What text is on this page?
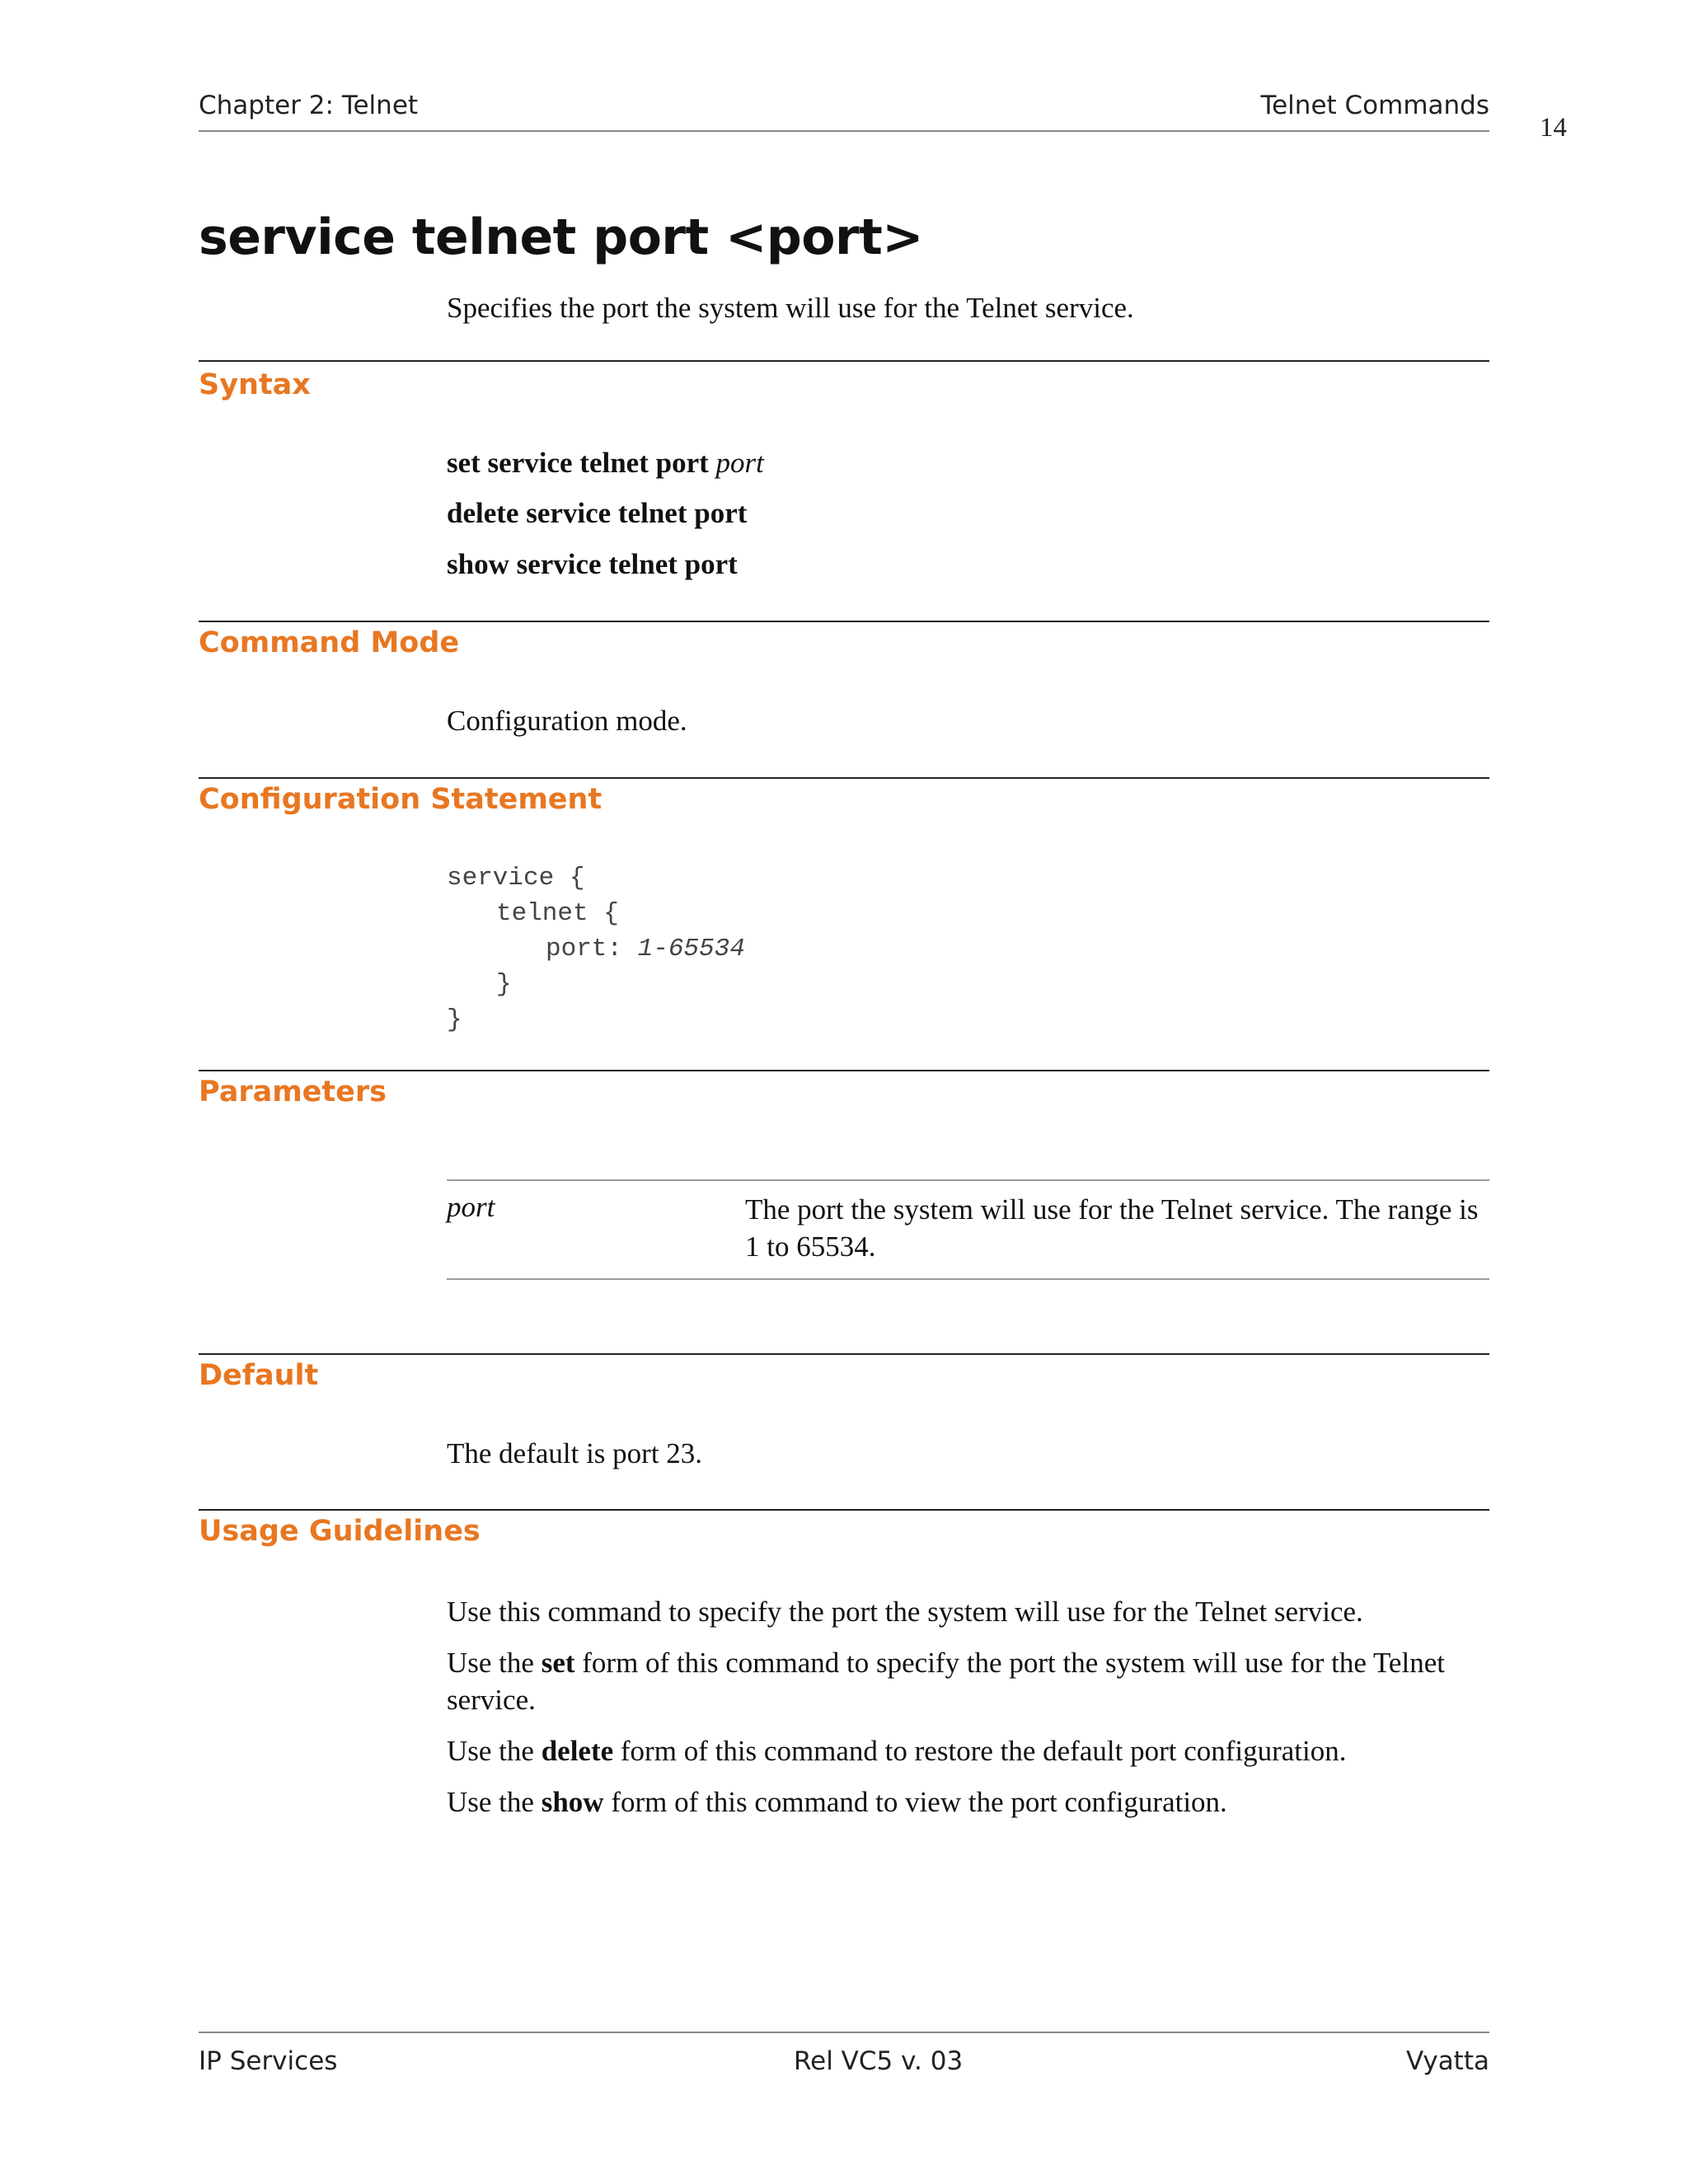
Chapter 2: Telnet	Telnet Commands
14
service telnet port <port>
Specifies the port the system will use for the Telnet service.
Syntax
set service telnet port port
delete service telnet port
show service telnet port
Command Mode
Configuration mode.
Configuration Statement
service {
telnet {
port: 1-65534
}
}
Parameters
port	The port the system will use for the Telnet service. The range is 1 to 65534.
Default
The default is port 23.
Usage Guidelines
Use this command to specify the port the system will use for the Telnet service.
Use the set form of this command to specify the port the system will use for the Telnet service.
Use the delete form of this command to restore the default port configuration.
Use the show form of this command to view the port configuration.
IP Services	Rel VC5 v. 03	Vyatta
